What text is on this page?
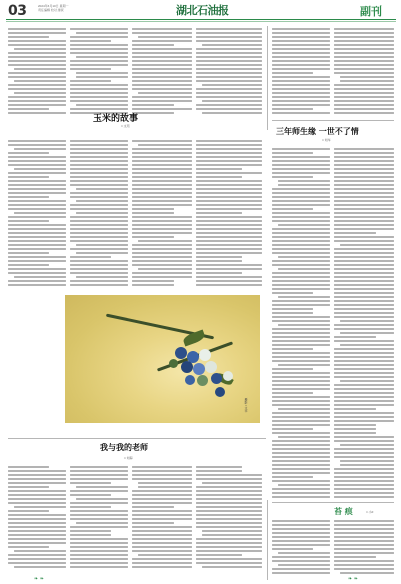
03	2024年6月10日 星期一
责任编辑 校对 排版	湖北石油报	副刊
玉米的故事
□ 文苑
摄影 / 文华
三年师生缘 一世不了情
□ 刘华
我与我的老师
□ 刘海
苔 痕	□ 小F
❧ ❧	❧ ❧
